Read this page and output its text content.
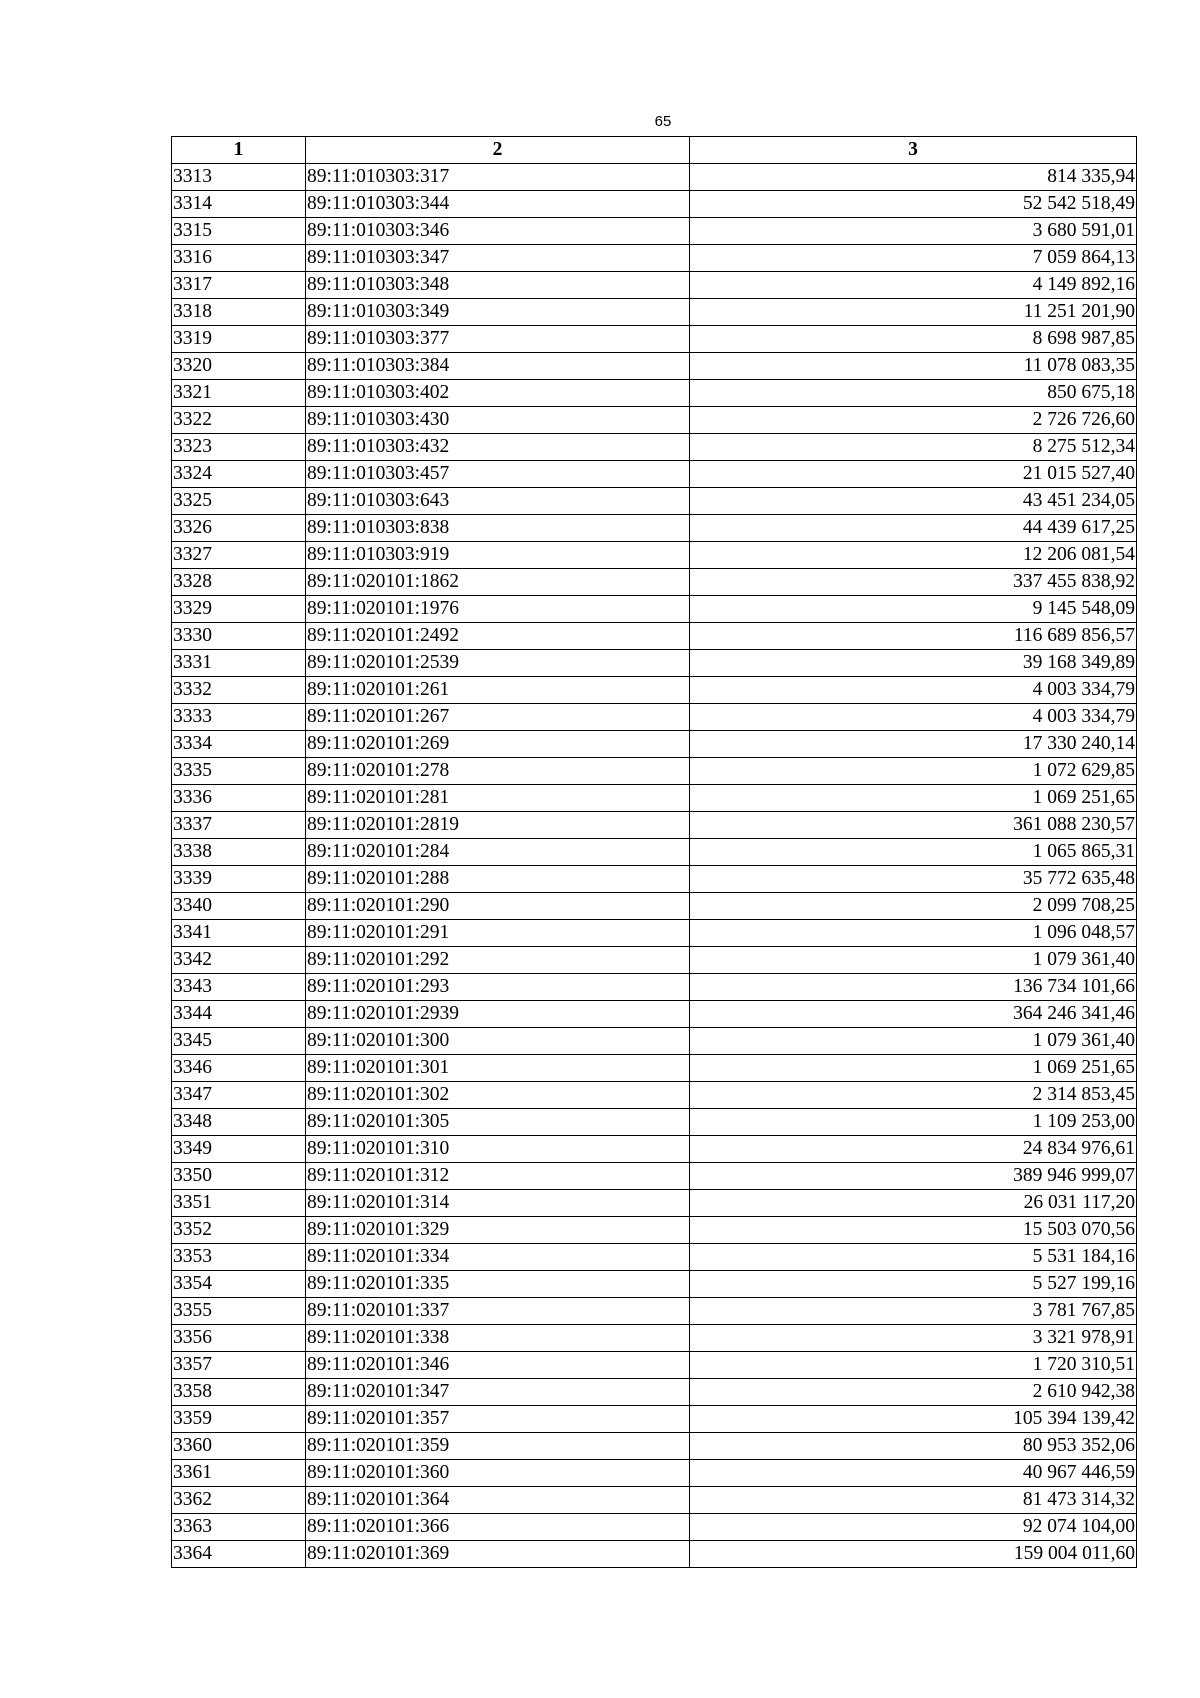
65
1	2	3
3313	89:11:010303:317	814 335,94
3314	89:11:010303:344	52 542 518,49
3315	89:11:010303:346	3 680 591,01
3316	89:11:010303:347	7 059 864,13
3317	89:11:010303:348	4 149 892,16
3318	89:11:010303:349	11 251 201,90
3319	89:11:010303:377	8 698 987,85
3320	89:11:010303:384	11 078 083,35
3321	89:11:010303:402	850 675,18
3322	89:11:010303:430	2 726 726,60
3323	89:11:010303:432	8 275 512,34
3324	89:11:010303:457	21 015 527,40
3325	89:11:010303:643	43 451 234,05
3326	89:11:010303:838	44 439 617,25
3327	89:11:010303:919	12 206 081,54
3328	89:11:020101:1862	337 455 838,92
3329	89:11:020101:1976	9 145 548,09
3330	89:11:020101:2492	116 689 856,57
3331	89:11:020101:2539	39 168 349,89
3332	89:11:020101:261	4 003 334,79
3333	89:11:020101:267	4 003 334,79
3334	89:11:020101:269	17 330 240,14
3335	89:11:020101:278	1 072 629,85
3336	89:11:020101:281	1 069 251,65
3337	89:11:020101:2819	361 088 230,57
3338	89:11:020101:284	1 065 865,31
3339	89:11:020101:288	35 772 635,48
3340	89:11:020101:290	2 099 708,25
3341	89:11:020101:291	1 096 048,57
3342	89:11:020101:292	1 079 361,40
3343	89:11:020101:293	136 734 101,66
3344	89:11:020101:2939	364 246 341,46
3345	89:11:020101:300	1 079 361,40
3346	89:11:020101:301	1 069 251,65
3347	89:11:020101:302	2 314 853,45
3348	89:11:020101:305	1 109 253,00
3349	89:11:020101:310	24 834 976,61
3350	89:11:020101:312	389 946 999,07
3351	89:11:020101:314	26 031 117,20
3352	89:11:020101:329	15 503 070,56
3353	89:11:020101:334	5 531 184,16
3354	89:11:020101:335	5 527 199,16
3355	89:11:020101:337	3 781 767,85
3356	89:11:020101:338	3 321 978,91
3357	89:11:020101:346	1 720 310,51
3358	89:11:020101:347	2 610 942,38
3359	89:11:020101:357	105 394 139,42
3360	89:11:020101:359	80 953 352,06
3361	89:11:020101:360	40 967 446,59
3362	89:11:020101:364	81 473 314,32
3363	89:11:020101:366	92 074 104,00
3364	89:11:020101:369	159 004 011,60
